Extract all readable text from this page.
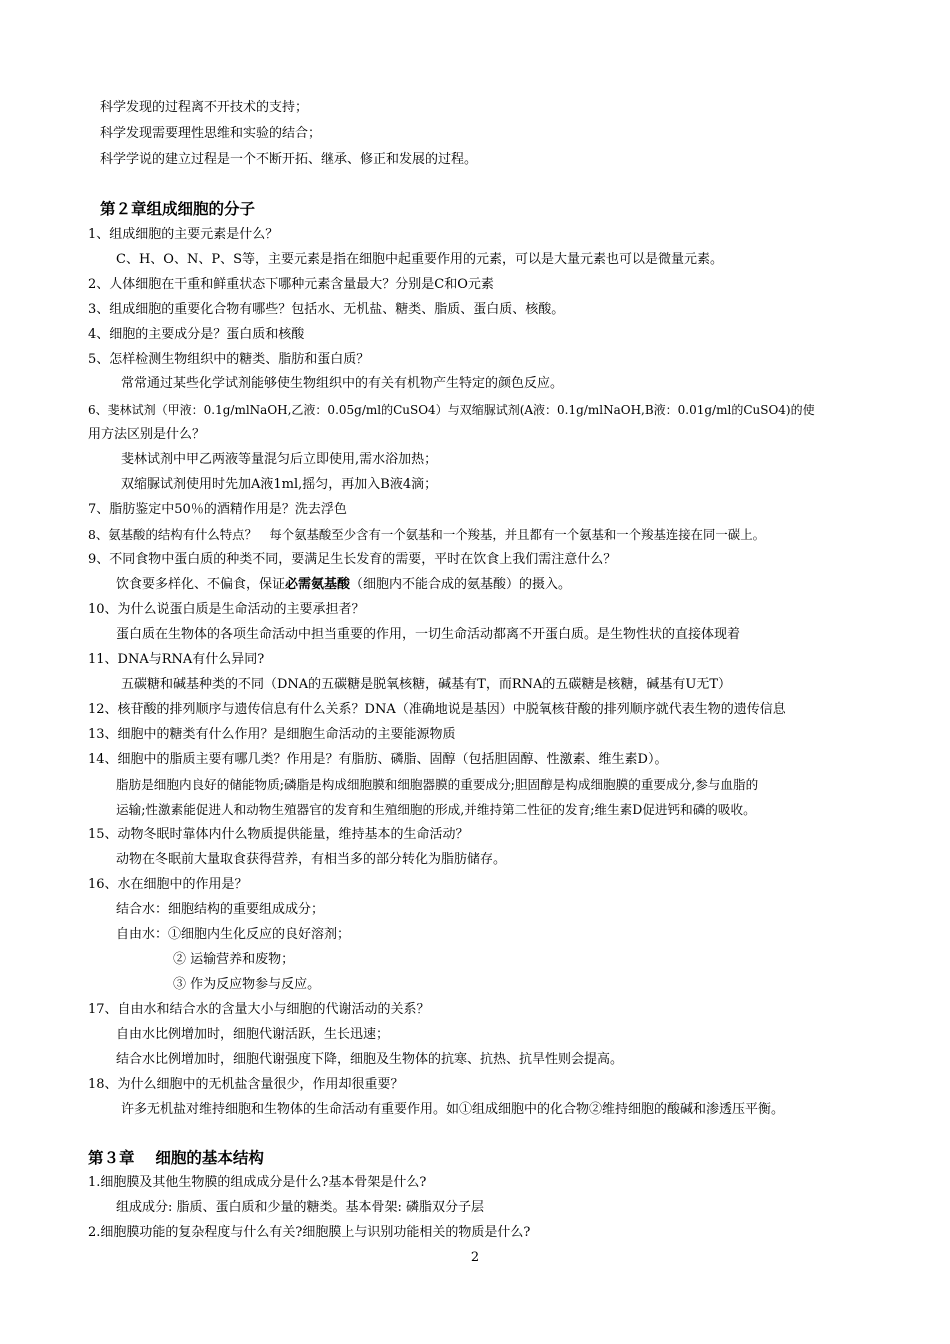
科学发现的过程离不开技术的支持；
科学发现需要理性思维和实验的结合；
科学学说的建立过程是一个不断开拓、继承、修正和发展的过程。
第２章组成细胞的分子
1、组成细胞的主要元素是什么？
C、H、O、N、P、S等，主要元素是指在细胞中起重要作用的元素，可以是大量元素也可以是微量元素。
2、人体细胞在干重和鲜重状态下哪种元素含量最大？分别是C和O元素
3、组成细胞的重要化合物有哪些？包括水、无机盐、糖类、脂质、蛋白质、核酸。
4、细胞的主要成分是？蛋白质和核酸
5、怎样检测生物组织中的糖类、脂肪和蛋白质？
常常通过某些化学试剂能够使生物组织中的有关有机物产生特定的颜色反应。
6、斐林试剂（甲液：0.1g/mlNaOH,乙液：0.05g/ml的CuSO4）与双缩脲试剂(A液：0.1g/mlNaOH,B液：0.01g/ml的CuSO4)的使
用方法区别是什么？
斐林试剂中甲乙两液等量混匀后立即使用,需水浴加热；
双缩脲试剂使用时先加A液1ml,摇匀，再加入B液4滴；
7、脂肪鉴定中50％的酒精作用是？洗去浮色
8、氨基酸的结构有什么特点？　每个氨基酸至少含有一个氨基和一个羧基，并且都有一个氨基和一个羧基连接在同一碳上。
9、不同食物中蛋白质的种类不同，要满足生长发育的需要，平时在饮食上我们需注意什么？
饮食要多样化、不偏食，保证必需氨基酸（细胞内不能合成的氨基酸）的摄入。
10、为什么说蛋白质是生命活动的主要承担者？
蛋白质在生物体的各项生命活动中担当重要的作用，一切生命活动都离不开蛋白质。是生物性状的直接体现着
11、DNA与RNA有什么异同?
五碳糖和碱基种类的不同（DNA的五碳糖是脱氧核糖，碱基有T，而RNA的五碳糖是核糖，碱基有U无T）
12、核苷酸的排列顺序与遗传信息有什么关系？DNA（准确地说是基因）中脱氧核苷酸的排列顺序就代表生物的遗传信息
13、细胞中的糖类有什么作用？是细胞生命活动的主要能源物质
14、细胞中的脂质主要有哪几类？作用是？有脂肪、磷脂、固醇（包括胆固醇、性激素、维生素D）。
脂肪是细胞内良好的储能物质;磷脂是构成细胞膜和细胞器膜的重要成分;胆固醇是构成细胞膜的重要成分,参与血脂的
运输;性激素能促进人和动物生殖器官的发育和生殖细胞的形成,并维持第二性征的发育;维生素D促进钙和磷的吸收。
15、动物冬眠时靠体内什么物质提供能量，维持基本的生命活动？
动物在冬眠前大量取食获得营养，有相当多的部分转化为脂肪储存。
16、水在细胞中的作用是？
结合水：细胞结构的重要组成成分；
自由水：①细胞内生化反应的良好溶剂；
② 运输营养和废物；
③ 作为反应物参与反应。
17、自由水和结合水的含量大小与细胞的代谢活动的关系？
自由水比例增加时，细胞代谢活跃，生长迅速；
结合水比例增加时，细胞代谢强度下降，细胞及生物体的抗寒、抗热、抗旱性则会提高。
18、为什么细胞中的无机盐含量很少，作用却很重要？
许多无机盐对维持细胞和生物体的生命活动有重要作用。如①组成细胞中的化合物②维持细胞的酸碱和渗透压平衡。
第３章　 细胞的基本结构
1.细胞膜及其他生物膜的组成成分是什么?基本骨架是什么?
组成成分: 脂质、蛋白质和少量的糖类。基本骨架: 磷脂双分子层
2.细胞膜功能的复杂程度与什么有关?细胞膜上与识别功能相关的物质是什么?
2
